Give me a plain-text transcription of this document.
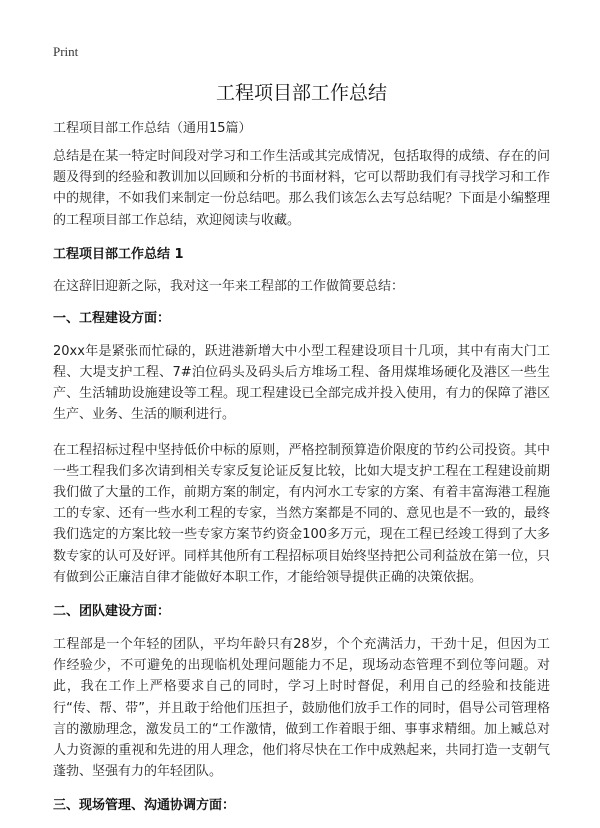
Print
工程项目部工作总结
工程项目部工作总结（通用15篇）

总结是在某一特定时间段对学习和工作生活或其完成情况，包括取得的成绩、存在的问题及得到的经验和教训加以回顾和分析的书面材料，它可以帮助我们有寻找学习和工作中的规律，不如我们来制定一份总结吧。那么我们该怎么去写总结呢？下面是小编整理的工程项目部工作总结，欢迎阅读与收藏。

工程项目部工作总结 1
在这辞旧迎新之际，我对这一年来工程部的工作做简要总结：
一、工程建设方面：

20xx年是紧张而忙碌的，跃进港新增大中小型工程建设项目十几项，其中有南大门工程、大堤支护工程、7#泊位码头及码头后方堆场工程、备用煤堆场硬化及港区一些生产、生活辅助设施建设等工程。现工程建设已全部完成并投入使用，有力的保障了港区生产、业务、生活的顺利进行。

在工程招标过程中坚持低价中标的原则，严格控制预算造价限度的节约公司投资。其中一些工程我们多次请到相关专家反复论证反复比较，比如大堤支护工程在工程建设前期我们做了大量的工作，前期方案的制定，有内河水工专家的方案、有着丰富海港工程施工的专家、还有一些水利工程的专家，当然方案都是不同的、意见也是不一致的，最终我们选定的方案比较一些专家方案节约资金100多万元，现在工程已经竣工得到了大多数专家的认可及好评。同样其他所有工程招标项目始终坚持把公司利益放在第一位，只有做到公正廉洁自律才能做好本职工作，才能给领导提供正确的决策依据。

二、团队建设方面：

工程部是一个年轻的团队，平均年龄只有28岁，个个充满活力，干劲十足，但因为工作经验少，不可避免的出现临机处理问题能力不足，现场动态管理不到位等问题。对此，我在工作上严格要求自己的同时，学习上时时督促，利用自己的经验和技能进行“传、帮、带”，并且敢于给他们压担子，鼓励他们放手工作的同时，倡导公司管理格言的激励理念，激发员工的“工作激情，做到工作着眼于细、事事求精细。加上臧总对人力资源的重视和先进的用人理念，他们将尽快在工作中成熟起来，共同打造一支朝气蓬勃、坚强有力的年轻团队。

三、现场管理、沟通协调方面：
